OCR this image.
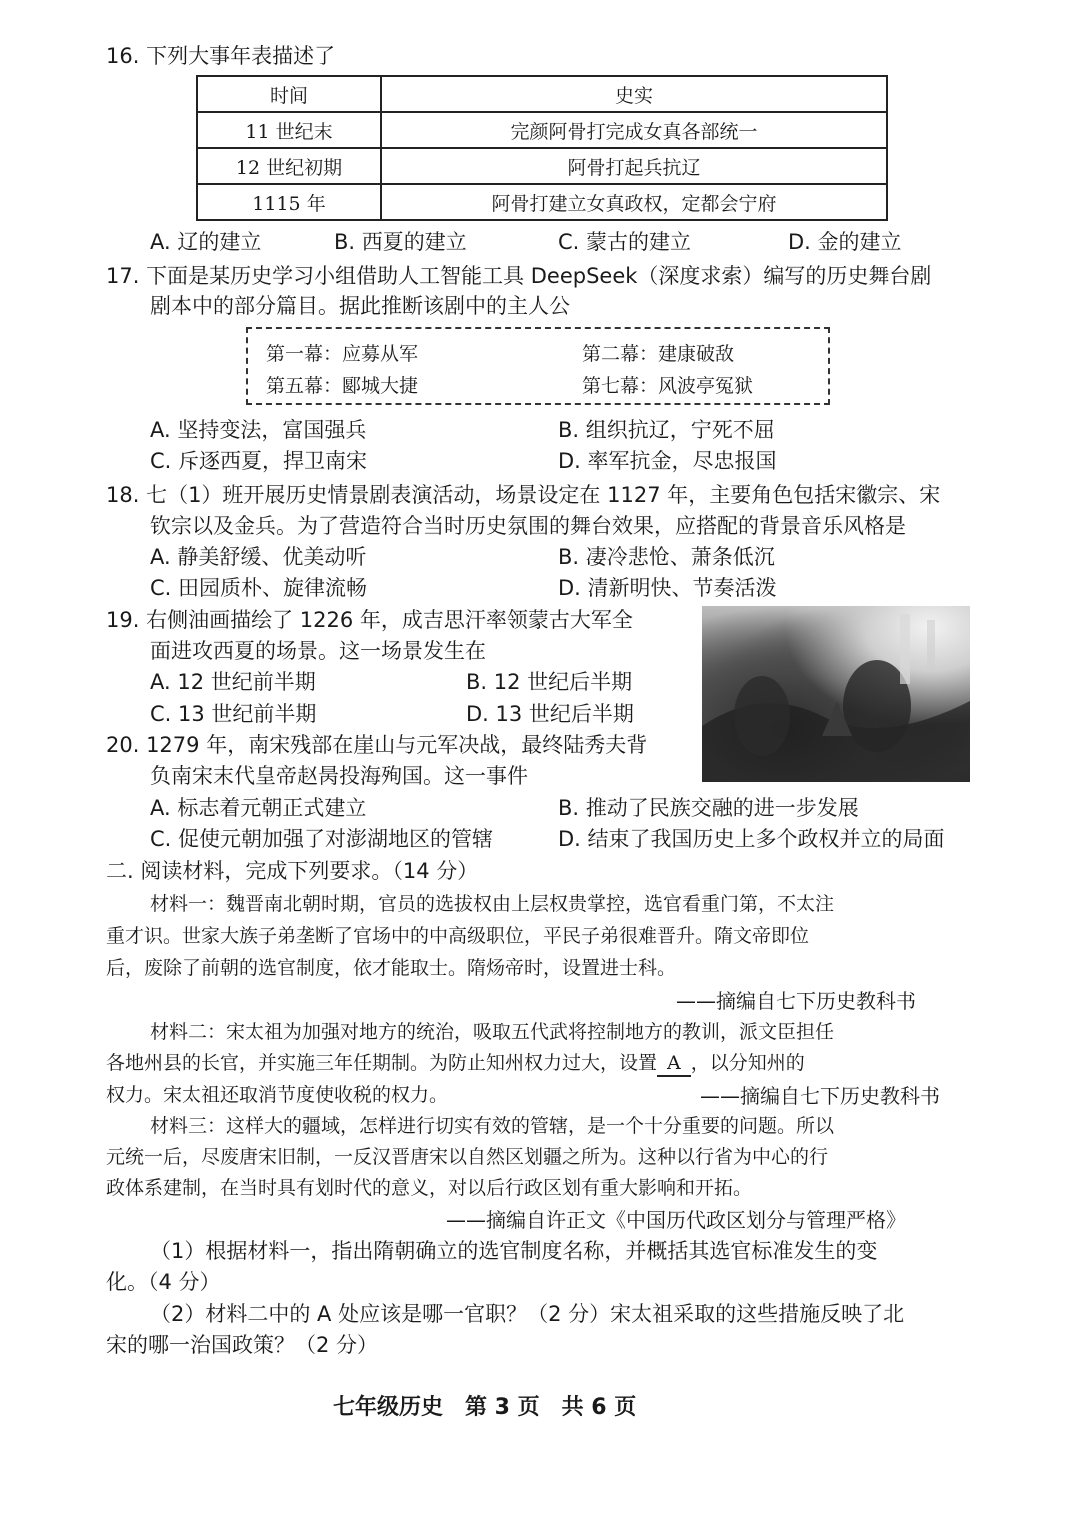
16. 下列大事年表描述了
时间	史实
11 世纪末	完颜阿骨打完成女真各部统一
12 世纪初期	阿骨打起兵抗辽
1115 年	阿骨打建立女真政权，定都会宁府
A. 辽的建立	B. 西夏的建立	C. 蒙古的建立	D. 金的建立
17. 下面是某历史学习小组借助人工智能工具 DeepSeek（深度求索）编写的历史舞台剧
剧本中的部分篇目。据此推断该剧中的主人公
第一幕：应募从军	第二幕：建康破敌
第五幕：郾城大捷	第七幕：风波亭冤狱
A. 坚持变法，富国强兵	B. 组织抗辽，宁死不屈
C. 斥逐西夏，捍卫南宋	D. 率军抗金，尽忠报国
18. 七（1）班开展历史情景剧表演活动，场景设定在 1127 年，主要角色包括宋徽宗、宋
钦宗以及金兵。为了营造符合当时历史氛围的舞台效果，应搭配的背景音乐风格是
A. 静美舒缓、优美动听	B. 凄冷悲怆、萧条低沉
C. 田园质朴、旋律流畅	D. 清新明快、节奏活泼
19. 右侧油画描绘了 1226 年，成吉思汗率领蒙古大军全
面进攻西夏的场景。这一场景发生在
A. 12 世纪前半期	B. 12 世纪后半期
C. 13 世纪前半期	D. 13 世纪后半期
20. 1279 年，南宋残部在崖山与元军决战，最终陆秀夫背
负南宋末代皇帝赵昺投海殉国。这一事件
A. 标志着元朝正式建立	B. 推动了民族交融的进一步发展
C. 促使元朝加强了对澎湖地区的管辖	D. 结束了我国历史上多个政权并立的局面
二. 阅读材料，完成下列要求。（14 分）
材料一：魏晋南北朝时期，官员的选拔权由上层权贵掌控，选官看重门第，不太注
重才识。世家大族子弟垄断了官场中的中高级职位，平民子弟很难晋升。隋文帝即位
后，废除了前朝的选官制度，依才能取士。隋炀帝时，设置进士科。
——摘编自七下历史教科书
材料二：宋太祖为加强对地方的统治，吸取五代武将控制地方的教训，派文臣担任
各地州县的长官，并实施三年任期制。为防止知州权力过大，设置 A ，以分知州的
权力。宋太祖还取消节度使收税的权力。	——摘编自七下历史教科书
材料三：这样大的疆域，怎样进行切实有效的管辖，是一个十分重要的问题。所以
元统一后，尽废唐宋旧制，一反汉晋唐宋以自然区划疆之所为。这种以行省为中心的行
政体系建制，在当时具有划时代的意义，对以后行政区划有重大影响和开拓。
——摘编自许正文《中国历代政区划分与管理严格》
（1）根据材料一，指出隋朝确立的选官制度名称，并概括其选官标准发生的变
化。（4 分）
（2）材料二中的 A 处应该是哪一官职？（2 分）宋太祖采取的这些措施反映了北
宋的哪一治国政策？（2 分）
七年级历史　第 3 页　共 6 页
